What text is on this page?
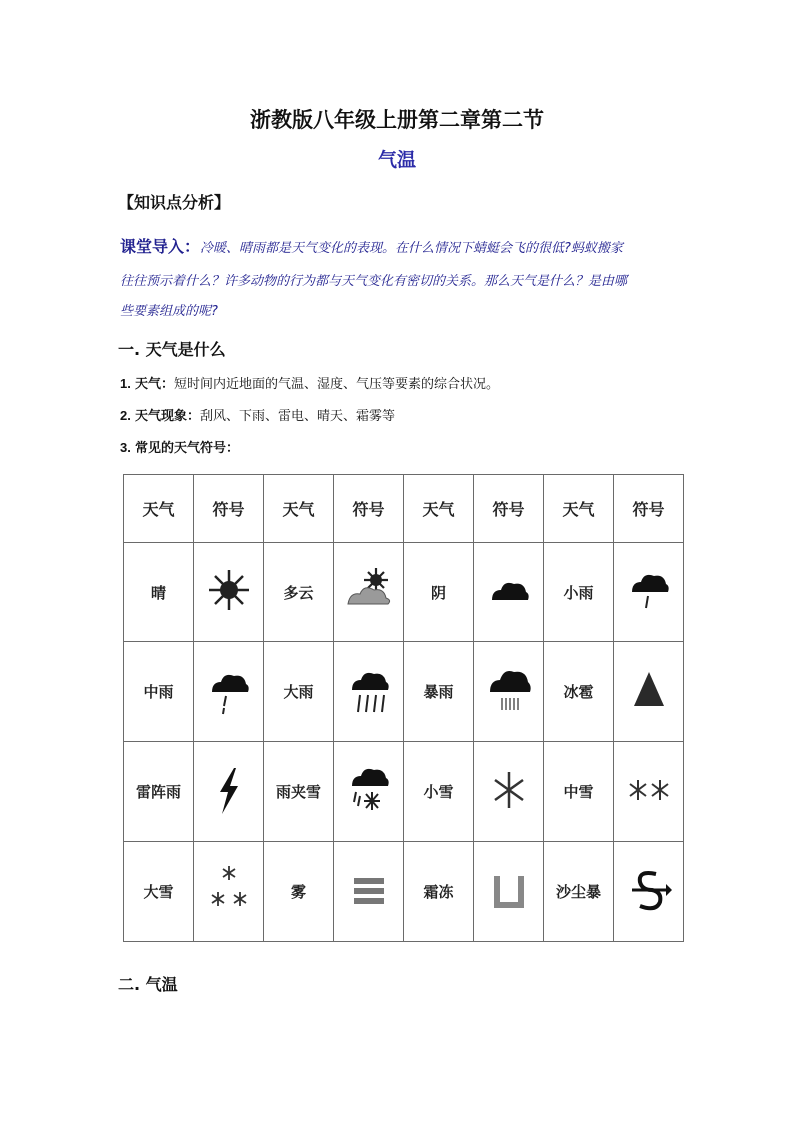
浙教版八年级上册第二章第二节
气温
【知识点分析】
课堂导入：冷暖、晴雨都是天气变化的表现。在什么情况下蜻蜓会飞的很低?蚂蚁搬家
往往预示着什么？许多动物的行为都与天气变化有密切的关系。那么天气是什么？是由哪
些要素组成的呢?
一. 天气是什么
1. 天气：短时间内近地面的气温、湿度、气压等要素的综合状况。
2. 天气现象：刮风、下雨、雷电、晴天、霜雾等
3. 常见的天气符号：
天气	符号	天气	符号	天气	符号	天气	符号
晴		多云		阴		小雨	
中雨		大雨		暴雨		冰雹	
雷阵雨		雨夹雪		小雪		中雪	
大雪		雾		霜冻		沙尘暴	
二. 气温
